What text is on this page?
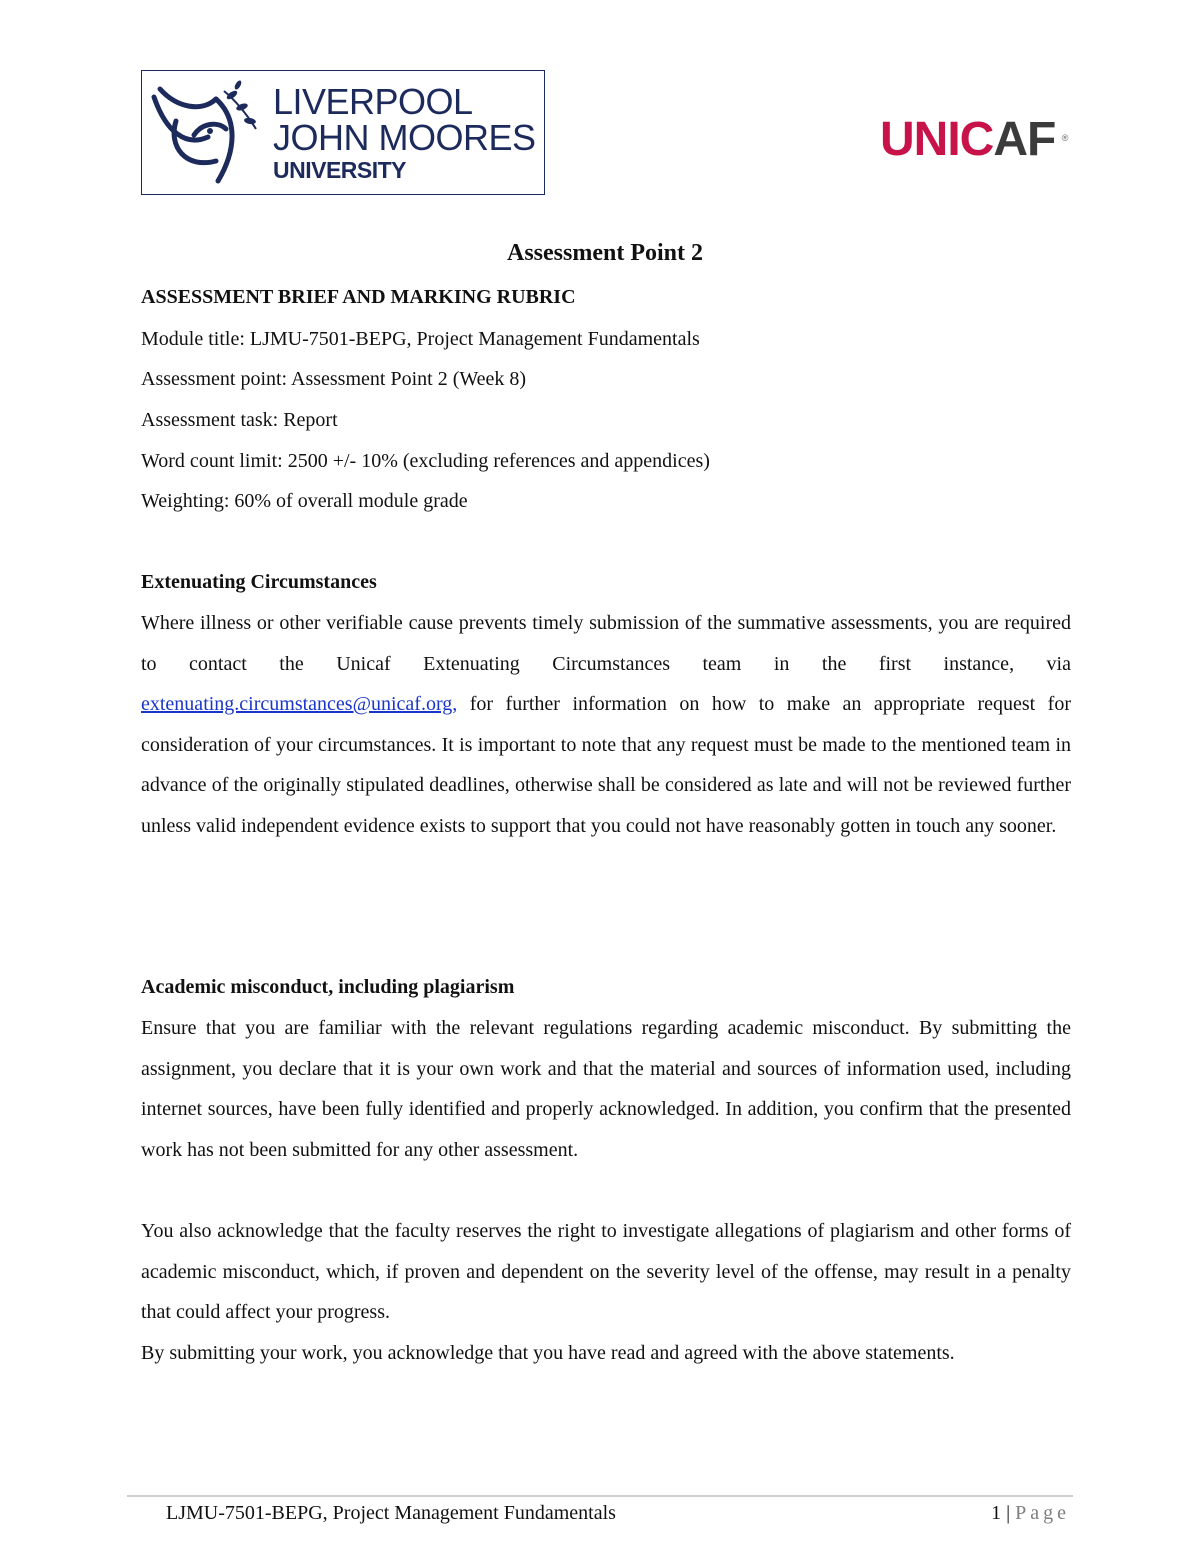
LIVERPOOL
JOHN MOORES
UNIVERSITY
UNICAF ®
Assessment Point 2
ASSESSMENT BRIEF AND MARKING RUBRIC
Module title: LJMU-7501-BEPG, Project Management Fundamentals
Assessment point: Assessment Point 2 (Week 8)
Assessment task: Report
Word count limit: 2500 +/- 10% (excluding references and appendices)
Weighting: 60% of overall module grade
Extenuating Circumstances

Where illness or other verifiable cause prevents timely submission of the summative assessments, you are required to contact the Unicaf Extenuating Circumstances team in the first instance, via extenuating.circumstances@unicaf.org, for further information on how to make an appropriate request for consideration of your circumstances. It is important to note that any request must be made to the mentioned team in advance of the originally stipulated deadlines, otherwise shall be considered as late and will not be reviewed further unless valid independent evidence exists to support that you could not have reasonably gotten in touch any sooner.

Academic misconduct, including plagiarism

Ensure that you are familiar with the relevant regulations regarding academic misconduct. By submitting the assignment, you declare that it is your own work and that the material and sources of information used, including internet sources, have been fully identified and properly acknowledged. In addition, you confirm that the presented work has not been submitted for any other assessment.

You also acknowledge that the faculty reserves the right to investigate allegations of plagiarism and other forms of academic misconduct, which, if proven and dependent on the severity level of the offense, may result in a penalty that could affect your progress.

By submitting your work, you acknowledge that you have read and agreed with the above statements.

LJMU-7501-BEPG, Project Management Fundamentals	1 | Page
